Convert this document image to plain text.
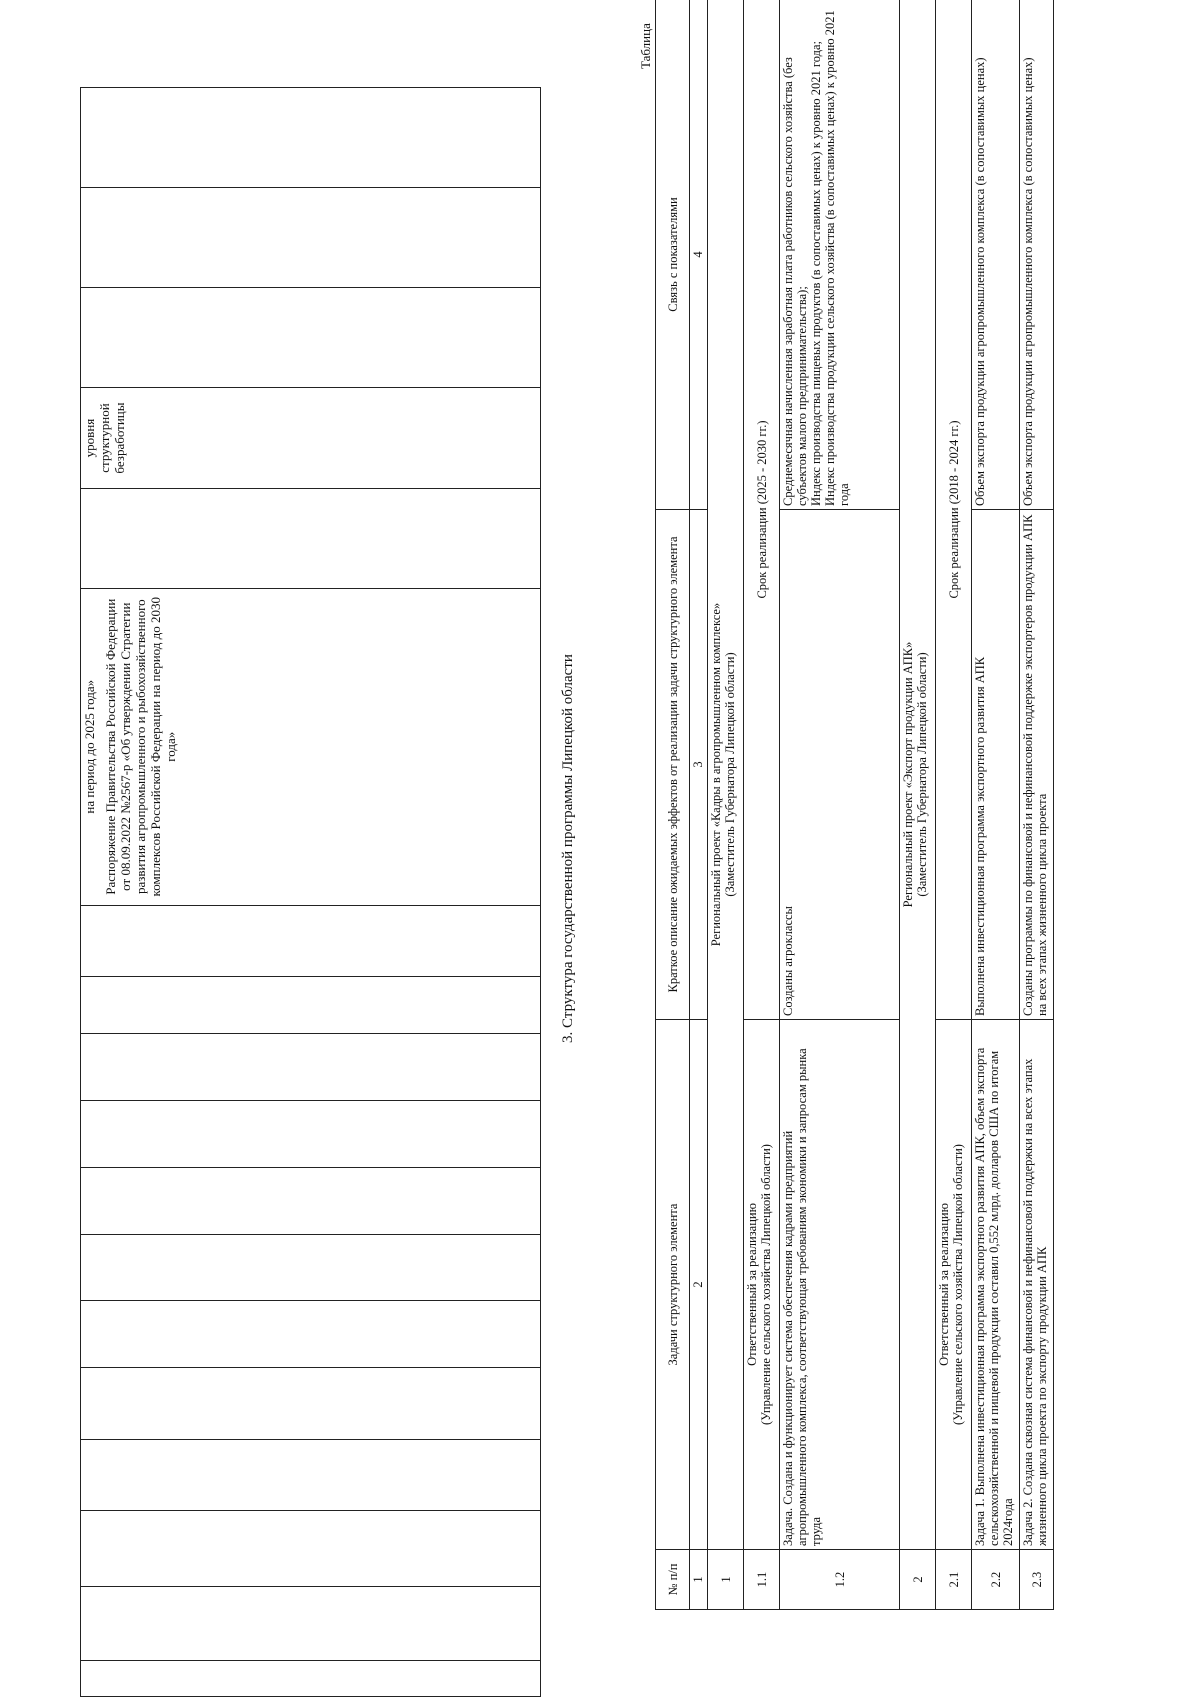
на период до 2025 года» Распоряжение Правительства Российской Федерации от 08.09.2022 №2567-р «Об утверждении Стратегии развития агропромышленного и рыбохозяйственного комплексов Российской Федерации на период до 2030 года»
		уровня структурной безработицы			
3. Структура государственной программы Липецкой области
Таблица
№ п/п	Задачи структурного элемента	Краткое описание ожидаемых эффектов от реализации задачи структурного элемента	Связь с показателями
1	2	3	4
1	Региональный проект «Кадры в агропромышленном комплексе» (Заместитель Губернатора Липецкой области)		

1.1	Ответственный за реализацию (Управление сельского хозяйства Липецкой области)	Срок реализации (2025 - 2030 гг.)	
1.2	Задача. Создана и функционирует система обеспечения кадрами предприятий агропромышленного комплекса, соответствующая требованиям экономики и запросам рынка труда	Созданы агроклассы	Среднемесячная начисленная заработная плата работников сельского хозяйства (без субъектов малого предпринимательства); Индекс производства пищевых продуктов (в сопоставимых ценах) к уровню 2021 года; Индекс производства продукции сельского хозяйства (в сопоставимых ценах) к уровню 2021 года

2	Региональный проект «Экспорт продукции АПК» (Заместитель Губернатора Липецкой области)		

2.1	Ответственный за реализацию (Управление сельского хозяйства Липецкой области)	Срок реализации (2018 - 2024 гг.)	
2.2	Задача 1. Выполнена инвестиционная программа экспортного развития АПК, объем экспорта сельскохозяйственной и пищевой продукции составил 0,552 млрд. долларов США по итогам 2024года	Выполнена инвестиционная программа экспортного развития АПК	Объем экспорта продукции агропромышленного комплекса (в сопоставимых ценах)
2.3	Задача 2. Создана сквозная система финансовой и нефинансовой поддержки на всех этапах жизненного цикла проекта по экспорту продукции АПК	Созданы программы по финансовой и нефинансовой поддержке экспортеров продукции АПК на всех этапах жизненного цикла проекта	Объем экспорта продукции агропромышленного комплекса (в сопоставимых ценах)
